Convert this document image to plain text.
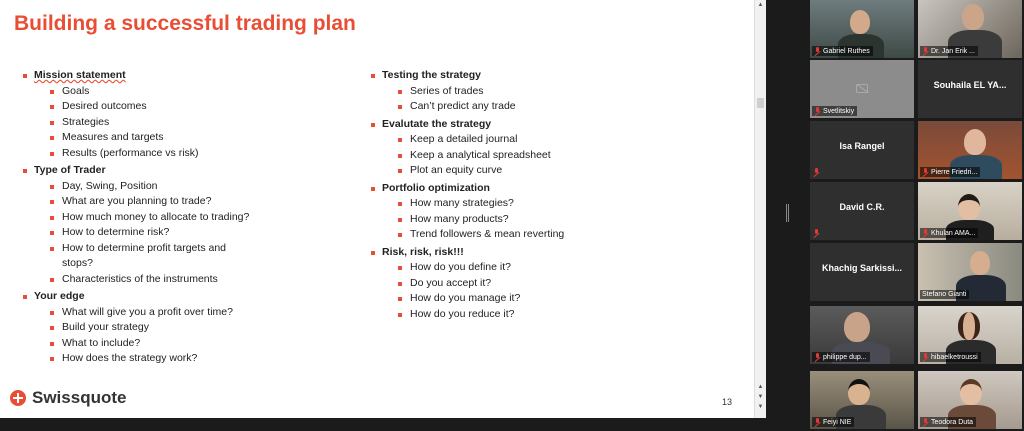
Building a successful trading plan
Mission statement
Goals
Desired outcomes
Strategies
Measures and targets
Results (performance vs risk)
Type of Trader
Day, Swing, Position
What are you planning to trade?
How much money to allocate to trading?
How to determine risk?
How to determine profit targets and stops?
Characteristics of the instruments
Your edge
What will give you a profit over time?
Build your strategy
What to include?
How does the strategy work?
Testing the strategy
Series of trades
Can’t predict any trade
Evalutate the strategy
Keep a detailed journal
Keep a analytical spreadsheet
Plot an equity curve
Portfolio optimization
How many strategies?
How many products?
Trend followers & mean reverting
Risk, risk, risk!!!
How do you define it?
Do you accept it?
How do you manage it?
How do you reduce it?
Swissquote	13
▲
▲
▼
▼
Gabriel Ruthes	Dr. Jan Erik ...
Svetlitskiy
Souhaila EL YA...
Isa Rangel
Pierre Friedri...
David C.R.
Khulan AMA...
Khachig Sarkissi...
Stefano Gianti
philippe dup...	hibaelketroussi
Feiyi NIE	Teodora Duta
